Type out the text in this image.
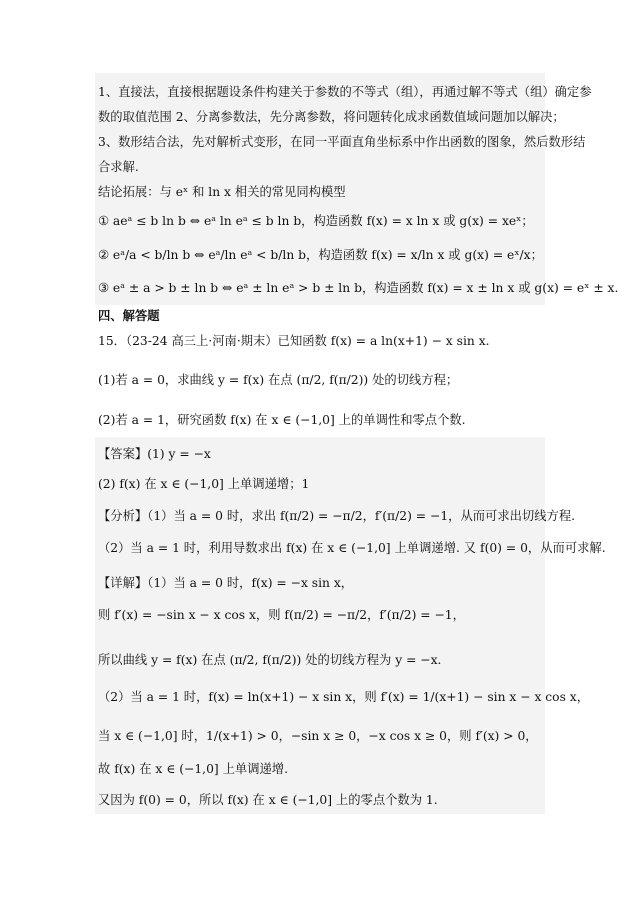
1、直接法，直接根据题设条件构建关于参数的不等式（组），再通过解不等式（组）确定参
数的取值范围 2、分离参数法，先分离参数，将问题转化成求函数值域问题加以解决；
3、数形结合法，先对解析式变形，在同一平面直角坐标系中作出函数的图象，然后数形结
合求解.
结论拓展：与 eˣ 和 ln x 相关的常见同构模型
① aeᵃ ≤ b ln b ⇔ eᵃ ln eᵃ ≤ b ln b，构造函数 f(x) = x ln x 或 g(x) = xeˣ；
② eᵃ/a < b/ln b ⇔ eᵃ/ln eᵃ < b/ln b，构造函数 f(x) = x/ln x 或 g(x) = eˣ/x；
③ eᵃ ± a > b ± ln b ⇔ eᵃ ± ln eᵃ > b ± ln b，构造函数 f(x) = x ± ln x 或 g(x) = eˣ ± x.
四、解答题
15．（23-24 高三上·河南·期末）已知函数 f(x) = a ln(x+1) − x sin x.
(1)若 a = 0，求曲线 y = f(x) 在点 (π/2, f(π/2)) 处的切线方程；
(2)若 a = 1，研究函数 f(x) 在 x ∈ (−1,0] 上的单调性和零点个数.
【答案】(1) y = −x
(2) f(x) 在 x ∈ (−1,0] 上单调递增；1
【分析】（1）当 a = 0 时，求出 f(π/2) = −π/2，f′(π/2) = −1，从而可求出切线方程.
（2）当 a = 1 时，利用导数求出 f(x) 在 x ∈ (−1,0] 上单调递增. 又 f(0) = 0，从而可求解.
【详解】（1）当 a = 0 时，f(x) = −x sin x，
则 f′(x) = −sin x − x cos x，则 f(π/2) = −π/2，f′(π/2) = −1，
所以曲线 y = f(x) 在点 (π/2, f(π/2)) 处的切线方程为 y = −x.
（2）当 a = 1 时，f(x) = ln(x+1) − x sin x，则 f′(x) = 1/(x+1) − sin x − x cos x，
当 x ∈ (−1,0] 时，1/(x+1) > 0，−sin x ≥ 0，−x cos x ≥ 0，则 f′(x) > 0，
故 f(x) 在 x ∈ (−1,0] 上单调递增.
又因为 f(0) = 0，所以 f(x) 在 x ∈ (−1,0] 上的零点个数为 1.
